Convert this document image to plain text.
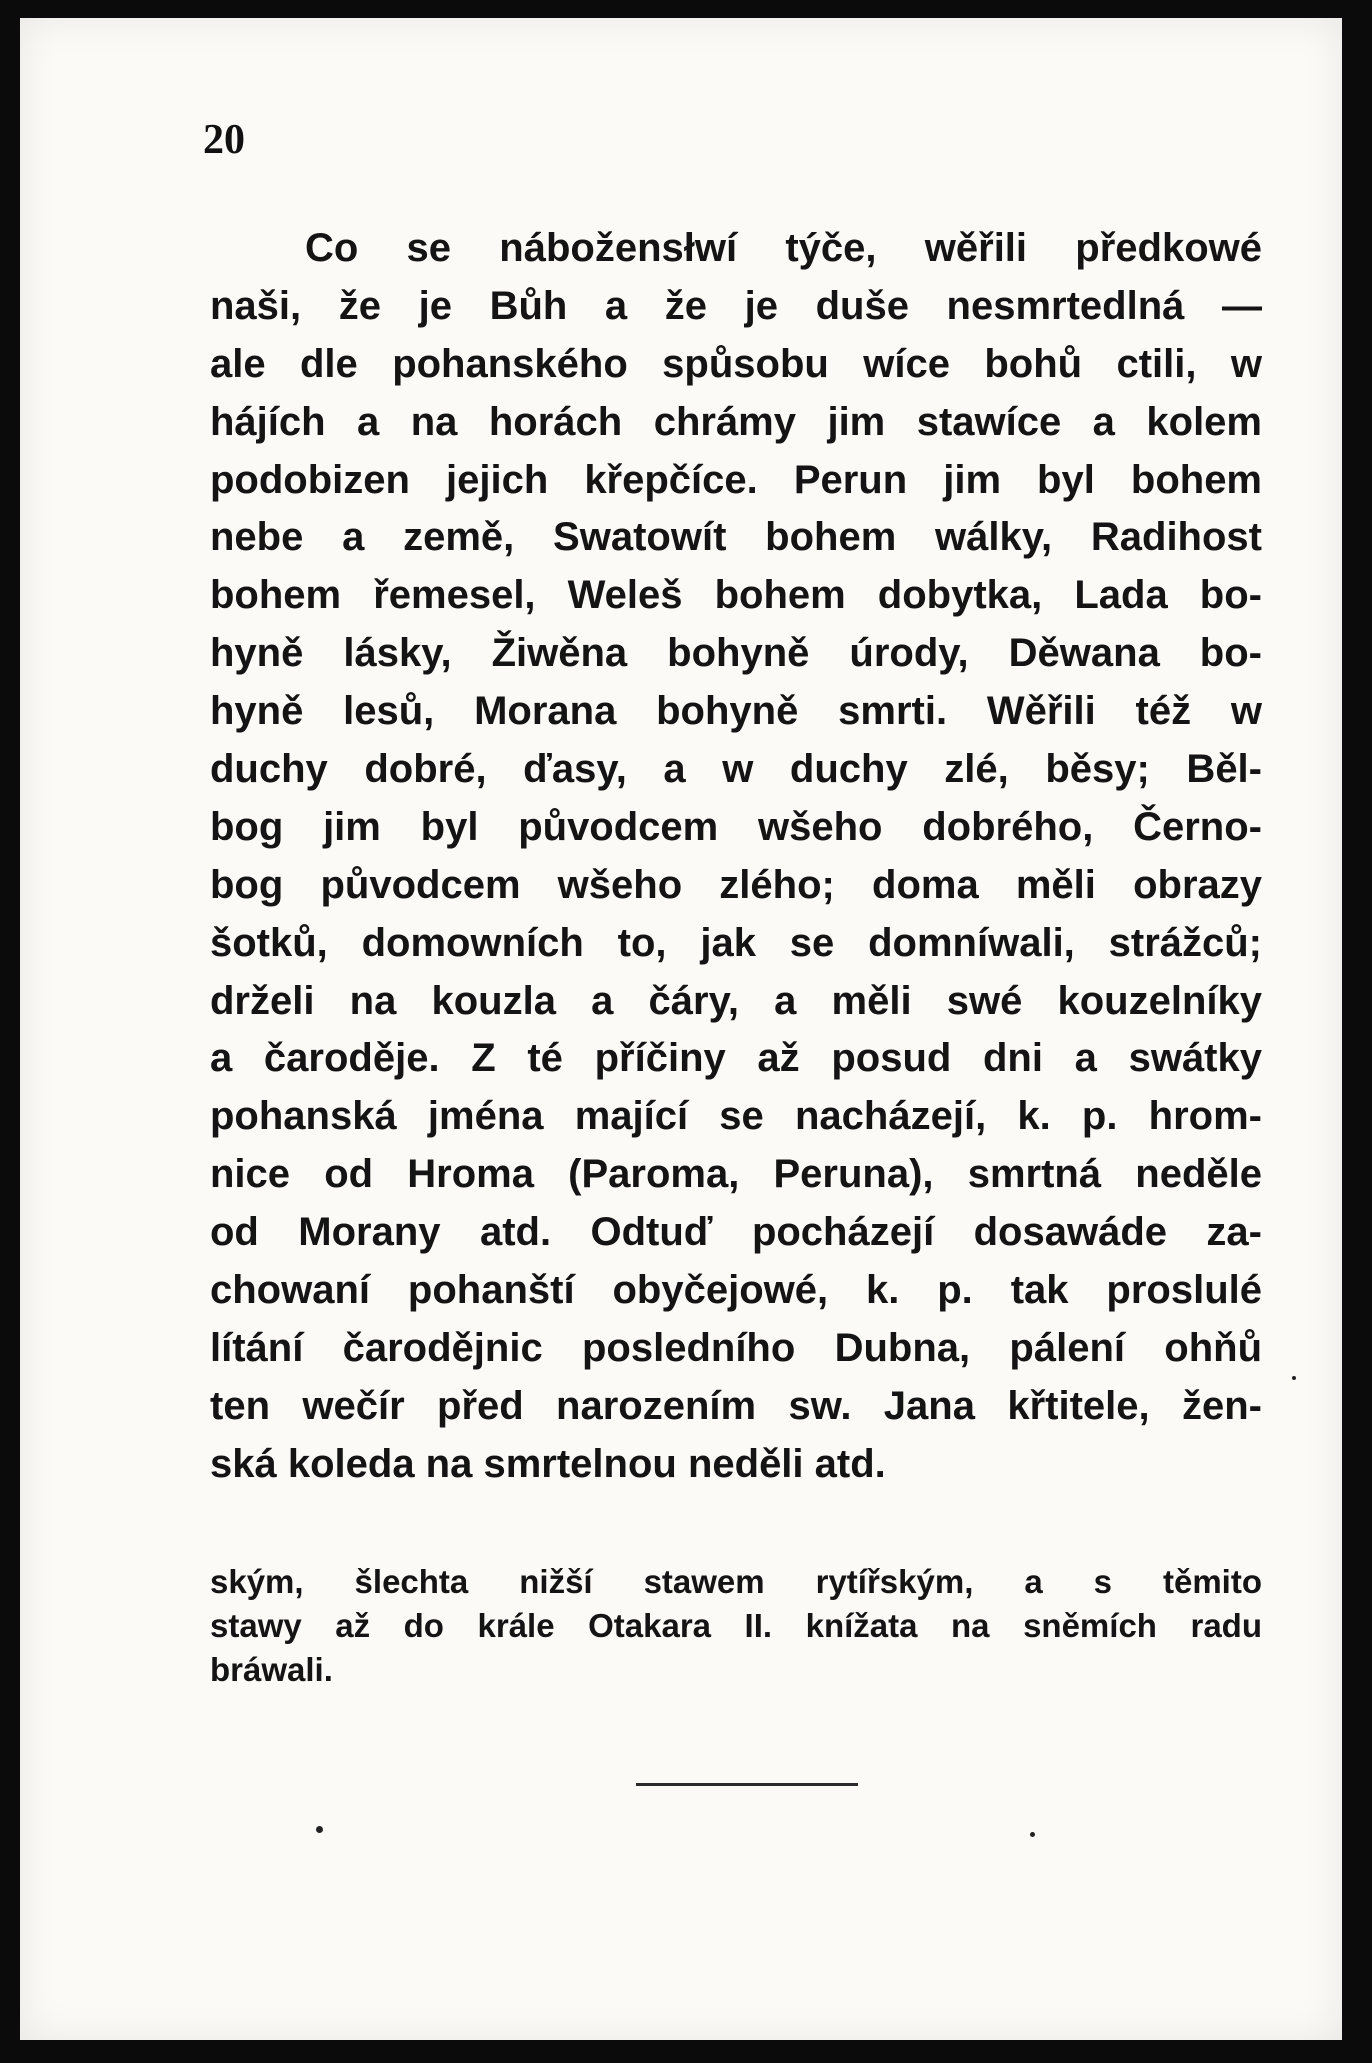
20

Co se nábožensłwí týče, wěřili předkowé
naši, že je Bůh a že je duše nesmrtedlná —
ale dle pohanského spůsobu wíce bohů ctili, w
hájích a na horách chrámy jim stawíce a kolem
podobizen jejich křepčíce. Perun jim byl bohem
nebe a země, Swatowít bohem wálky, Radihost
bohem řemesel, Weleš bohem dobytka, Lada bo-
hyně lásky, Žiwěna bohyně úrody, Děwana bo-
hyně lesů, Morana bohyně smrti. Wěřili též w
duchy dobré, ďasy, a w duchy zlé, běsy; Běl-
bog jim byl původcem wšeho dobrého, Černo-
bog původcem wšeho zlého; doma měli obrazy
šotků, domowních to, jak se domníwali, strážců;
drželi na kouzla a čáry, a měli swé kouzelníky
a čaroděje. Z té příčiny až posud dni a swátky
pohanská jména mající se nacházejí, k. p. hrom-
nice od Hroma (Paroma, Peruna), smrtná neděle
od Morany atd. Odtuď pocházejí dosawáde za-
chowaní pohanští obyčejowé, k. p. tak proslulé
lítání čarodějnic posledního Dubna, pálení ohňů
ten wečír před narozením sw. Jana křtitele, žen-
ská koleda na smrtelnou neděli atd.
ským, šlechta nižší stawem rytířským, a s těmito
stawy až do krále Otakara II. knížata na sněmích radu
bráwali.
